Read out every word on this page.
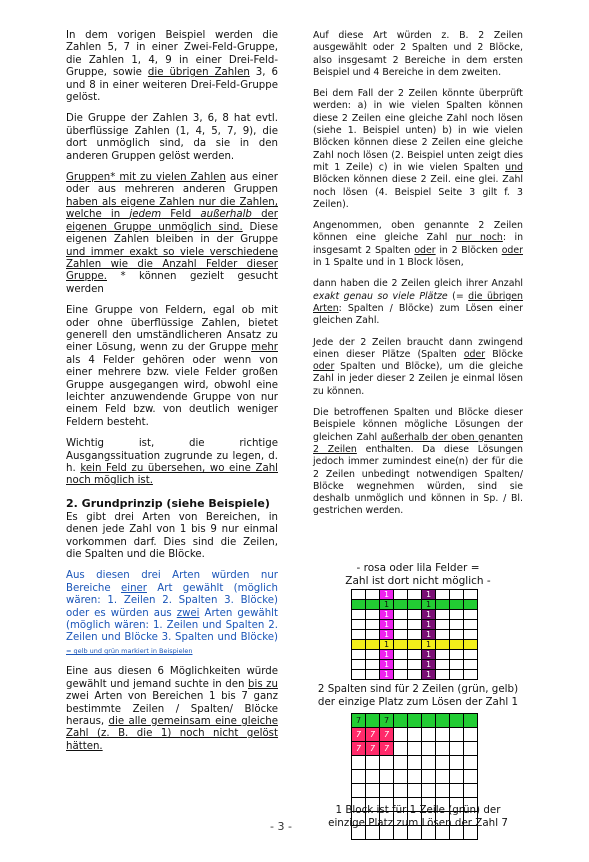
In dem vorigen Beispiel werden die Zahlen 5, 7 in einer Zwei-Feld-Gruppe, die Zahlen 1, 4, 9 in einer Drei-Feld-Gruppe, sowie die übrigen Zahlen 3, 6 und 8 in einer weiteren Drei-Feld-Gruppe gelöst.

Die Gruppe der Zahlen 3, 6, 8 hat evtl. überflüssige Zahlen (1, 4, 5, 7, 9), die dort unmöglich sind, da sie in den anderen Gruppen gelöst werden.

Gruppen* mit zu vielen Zahlen aus einer oder aus mehreren anderen Gruppen haben als eigene Zahlen nur die Zahlen, welche in jedem Feld außerhalb der eigenen Gruppe unmöglich sind. Diese eigenen Zahlen bleiben in der Gruppe und immer exakt so viele verschiedene Zahlen wie die Anzahl Felder dieser Gruppe. * können gezielt gesucht werden

Eine Gruppe von Feldern, egal ob mit oder ohne überflüssige Zahlen, bietet generell den umständlicheren Ansatz zu einer Lösung, wenn zu der Gruppe mehr als 4 Felder gehören oder wenn von einer mehrere bzw. viele Felder großen Gruppe ausgegangen wird, obwohl eine leichter anzuwendende Gruppe von nur einem Feld bzw. von deutlich weniger Feldern besteht.

Wichtig ist, die richtige Ausgangssituation zugrunde zu legen, d. h. kein Feld zu übersehen, wo eine Zahl noch möglich ist.

2. Grundprinzip (siehe Beispiele)

Es gibt drei Arten von Bereichen, in denen jede Zahl von 1 bis 9 nur einmal vorkommen darf. Dies sind die Zeilen, die Spalten und die Blöcke.

Aus diesen drei Arten würden nur Bereiche einer Art gewählt (möglich wären: 1. Zeilen 2. Spalten 3. Blöcke) oder es würden aus zwei Arten gewählt (möglich wären: 1. Zeilen und Spalten 2. Zeilen und Blöcke 3. Spalten und Blöcke) = gelb und grün markiert in Beispielen

Eine aus diesen 6 Möglichkeiten würde gewählt und jemand suchte in den bis zu zwei Arten von Bereichen 1 bis 7 ganz bestimmte Zeilen / Spalten/ Blöcke heraus, die alle gemeinsam eine gleiche Zahl (z. B. die 1) noch nicht gelöst hätten.

Auf diese Art würden z. B. 2 Zeilen ausgewählt oder 2 Spalten und 2 Blöcke, also insgesamt 2 Bereiche in dem ersten Beispiel und 4 Bereiche in dem zweiten.

Bei dem Fall der 2 Zeilen könnte überprüft werden: a) in wie vielen Spalten können diese 2 Zeilen eine gleiche Zahl noch lösen (siehe 1. Beispiel unten) b) in wie vielen Blöcken können diese 2 Zeilen eine gleiche Zahl noch lösen (2. Beispiel unten zeigt dies mit 1 Zeile) c) in wie vielen Spalten und Blöcken können diese 2 Zeil. eine glei. Zahl noch lösen (4. Beispiel Seite 3 gilt f. 3 Zeilen).

Angenommen, oben genannte 2 Zeilen können eine gleiche Zahl nur noch: in insgesamt 2 Spalten oder in 2 Blöcken oder in 1 Spalte und in 1 Block lösen,

dann haben die 2 Zeilen gleich ihrer Anzahl exakt genau so viele Plätze (= die übrigen Arten: Spalten / Blöcke) zum Lösen einer gleichen Zahl.

Jede der 2 Zeilen braucht dann zwingend einen dieser Plätze (Spalten oder Blöcke oder Spalten und Blöcke), um die gleiche Zahl in jeder dieser 2 Zeilen je einmal lösen zu können.

Die betroffenen Spalten und Blöcke dieser Beispiele können mögliche Lösungen der gleichen Zahl außerhalb der oben genanten 2 Zeilen enthalten. Da diese Lösungen jedoch immer zumindest eine(n) der für die 2 Zeilen unbedingt notwendigen Spalten/ Blöcke wegnehmen würden, sind sie deshalb unmöglich und können in Sp. / Bl. gestrichen werden.

- rosa oder lila Felder =

Zahl ist dort nicht möglich -

		1			1			
		1			1			
		1			1			
		1			1			
		1			1			
		1			1			
		1			1			
		1			1			
		1			1			

2 Spalten sind für 2 Zeilen (grün, gelb)

der einzige Platz zum Lösen der Zahl 1

7		7						
7	7	7						
7	7	7						

1 Block ist für 1 Zeile (grün) der

einzige Platz zum Lösen der Zahl 7

- 3 -
